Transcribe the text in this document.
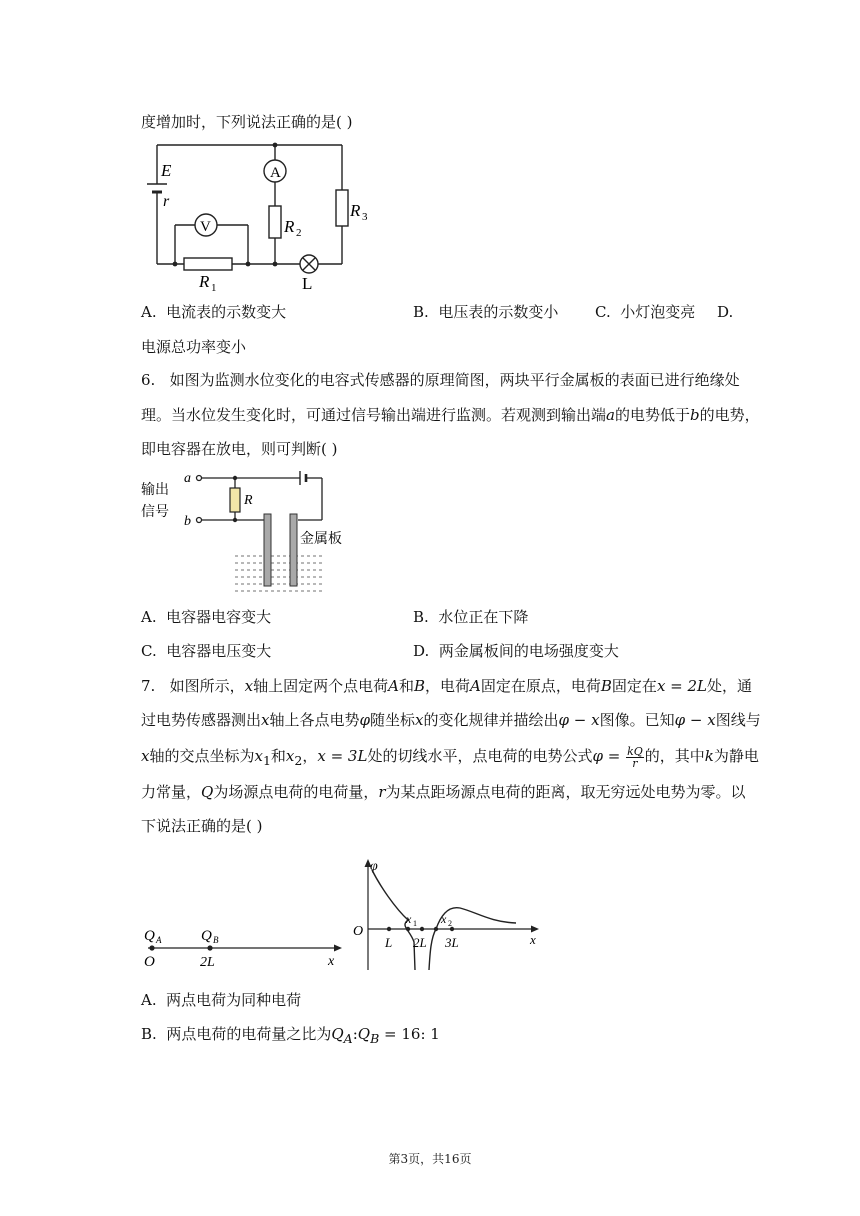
度增加时，下列说法正确的是( )
E
r
A
V
R 1
R 2
R 3
L
A. 电流表的示数变大	B. 电压表的示数变小 C. 小灯泡变亮 D.
电源总功率变小
6. 如图为监测水位变化的电容式传感器的原理简图，两块平行金属板的表面已进行绝缘处
理。当水位发生变化时，可通过信号输出端进行监测。若观测到输出端a的电势低于b的电势，
即电容器在放电，则可判断( )
a
b
R
输出
信号
金属板
A. 电容器电容变大	B. 水位正在下降
C. 电容器电压变大	D. 两金属板间的电场强度变大
7. 如图所示，x轴上固定两个点电荷A和B，电荷A固定在原点，电荷B固定在x = 2L处，通
过电势传感器测出x轴上各点电势φ随坐标x的变化规律并描绘出φ − x图像。已知φ − x图线与
x轴的交点坐标为$x_1$和$x_2$，x = 3L处的切线水平，点电荷的电势公式$\varphi = \frac{kQ}{r}$ 的，其中k为静电
力常量，Q为场源点电荷的电荷量，r为某点距场源点电荷的距离，取无穷远处电势为零。以
下说法正确的是( )
Q A	Q B
O	2L	x
φ
O
L 2L 3L
x 1 x 2
x
A. 两点电荷为同种电荷
B. 两点电荷的电荷量之比为$Q_A:Q_B = 16$: 1
第3页，共16页
